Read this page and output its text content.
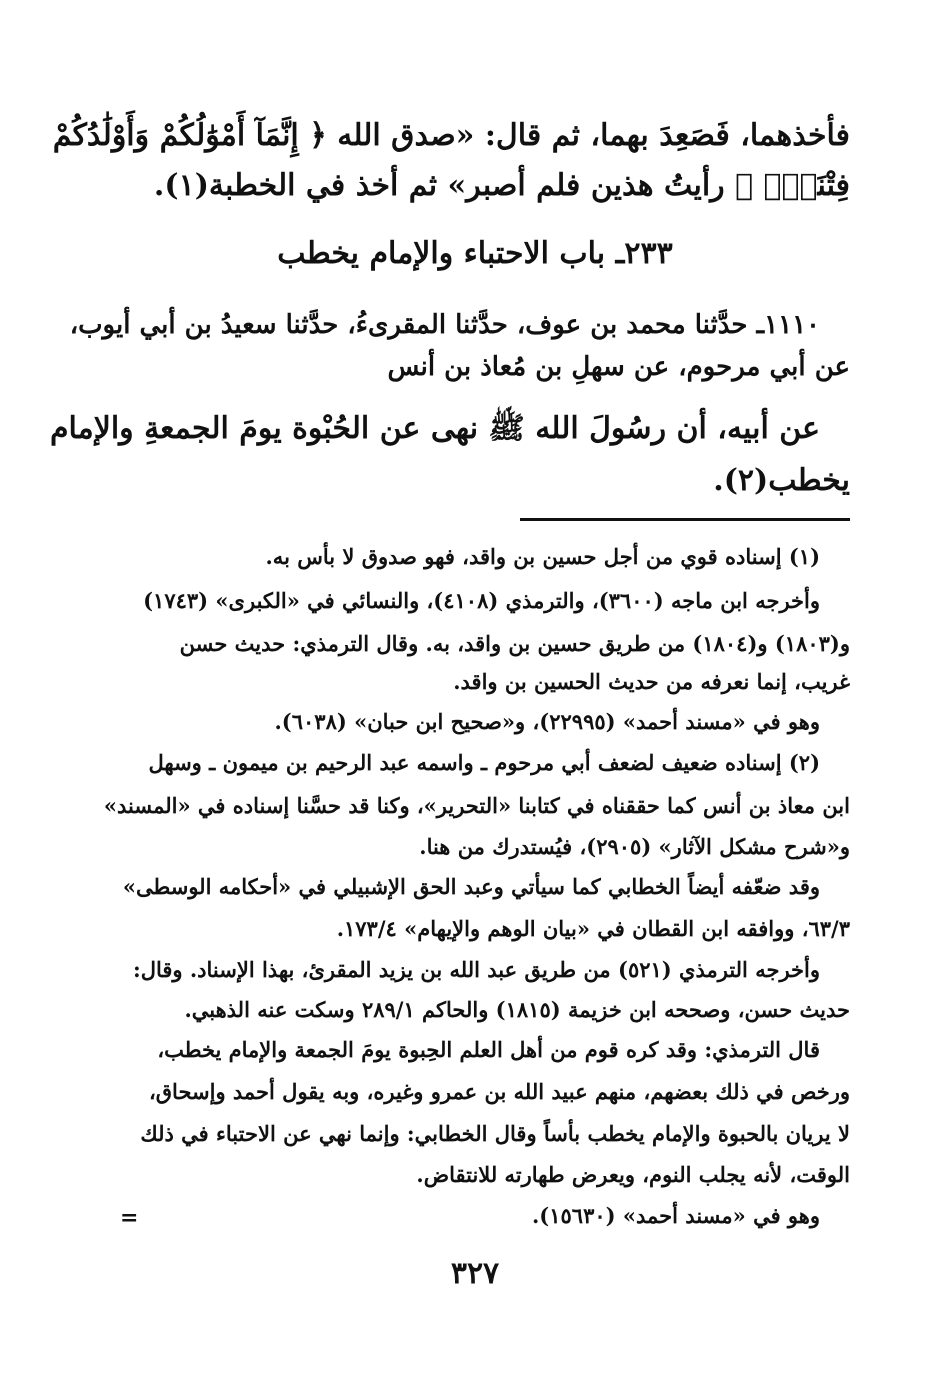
فأخذهما، فَصَعِدَ بهما، ثم قال: «صدق الله ﴿ إِنَّمَآ أَمْوَٰلُكُمْ وَأَوْلَٰدُكُمْ
فِتْنَةٌۚ ﴾ رأيتُ هذين فلم أصبر» ثم أخذ في الخطبة(١).
٢٣٣ـ باب الاحتباء والإمام يخطب
١١١٠ـ حدَّثنا محمد بن عوف، حدَّثنا المقرىءُ، حدَّثنا سعيدُ بن أبي أيوب،
عن أبي مرحوم، عن سهلِ بن مُعاذ بن أنس
عن أبيه، أن رسُولَ الله ﷺ نهى عن الحُبْوة يومَ الجمعةِ والإمام
يخطب(٢).
(١) إسناده قوي من أجل حسين بن واقد، فهو صدوق لا بأس به.
وأخرجه ابن ماجه (٣٦٠٠)، والترمذي (٤١٠٨)، والنسائي في «الكبرى» (١٧٤٣)
و(١٨٠٣) و(١٨٠٤) من طريق حسين بن واقد، به. وقال الترمذي: حديث حسن
غريب، إنما نعرفه من حديث الحسين بن واقد.
وهو في «مسند أحمد» (٢٢٩٩٥)، و«صحيح ابن حبان» (٦٠٣٨).
(٢) إسناده ضعيف لضعف أبي مرحوم ـ واسمه عبد الرحيم بن ميمون ـ وسهل
ابن معاذ بن أنس كما حققناه في كتابنا «التحرير»، وكنا قد حسَّنا إسناده في «المسند»
و«شرح مشكل الآثار» (٢٩٠٥)، فيُستدرك من هنا.
وقد ضعّفه أيضاً الخطابي كما سيأتي وعبد الحق الإشبيلي في «أحكامه الوسطى»
٦٣/٣، ووافقه ابن القطان في «بيان الوهم والإيهام» ١٧٣/٤.
وأخرجه الترمذي (٥٢١) من طريق عبد الله بن يزيد المقرئ، بهذا الإسناد. وقال:
حديث حسن، وصححه ابن خزيمة (١٨١٥) والحاكم ٢٨٩/١ وسكت عنه الذهبي.
قال الترمذي: وقد كره قوم من أهل العلم الحِبوة يومَ الجمعة والإمام يخطب،
ورخص في ذلك بعضهم، منهم عبيد الله بن عمرو وغيره، وبه يقول أحمد وإسحاق،
لا يريان بالحبوة والإمام يخطب بأساً وقال الخطابي: وإنما نهي عن الاحتباء في ذلك
الوقت، لأنه يجلب النوم، ويعرض طهارته للانتقاض.
وهو في «مسند أحمد» (١٥٦٣٠).
=
٣٢٧
